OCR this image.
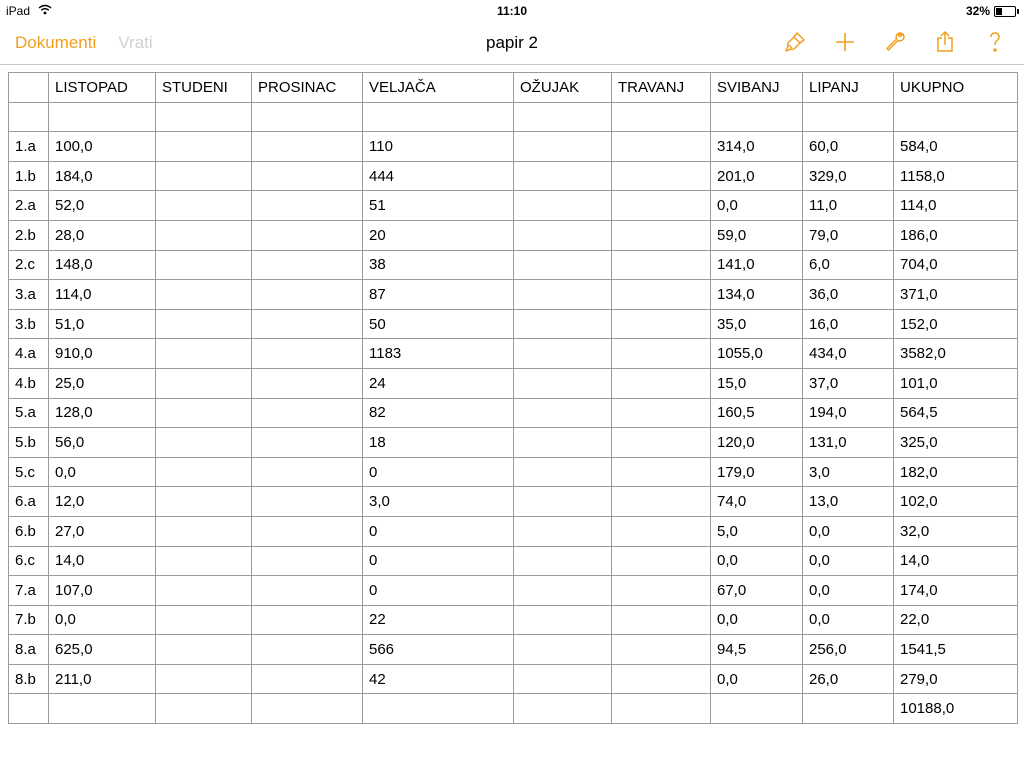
iPad	11:10	32%
Dokumenti Vrati	papir 2
	LISTOPAD	STUDENI	PROSINAC	VELJAČA	OŽUJAK	TRAVANJ	SVIBANJ	LIPANJ	UKUPNO

1.a	100,0			110			314,0	60,0	584,0
1.b	184,0			444			201,0	329,0	1158,0
2.a	52,0			51			0,0	11,0	114,0
2.b	28,0			20			59,0	79,0	186,0
2.c	148,0			38			141,0	6,0	704,0
3.a	114,0			87			134,0	36,0	371,0
3.b	51,0			50			35,0	16,0	152,0
4.a	910,0			1183			1055,0	434,0	3582,0
4.b	25,0			24			15,0	37,0	101,0
5.a	128,0			82			160,5	194,0	564,5
5.b	56,0			18			120,0	131,0	325,0
5.c	0,0			0			179,0	3,0	182,0
6.a	12,0			3,0			74,0	13,0	102,0
6.b	27,0			0			5,0	0,0	32,0
6.c	14,0			0			0,0	0,0	14,0
7.a	107,0			0			67,0	0,0	174,0
7.b	0,0			22			0,0	0,0	22,0
8.a	625,0			566			94,5	256,0	1541,5
8.b	211,0			42			0,0	26,0	279,0
									10188,0
